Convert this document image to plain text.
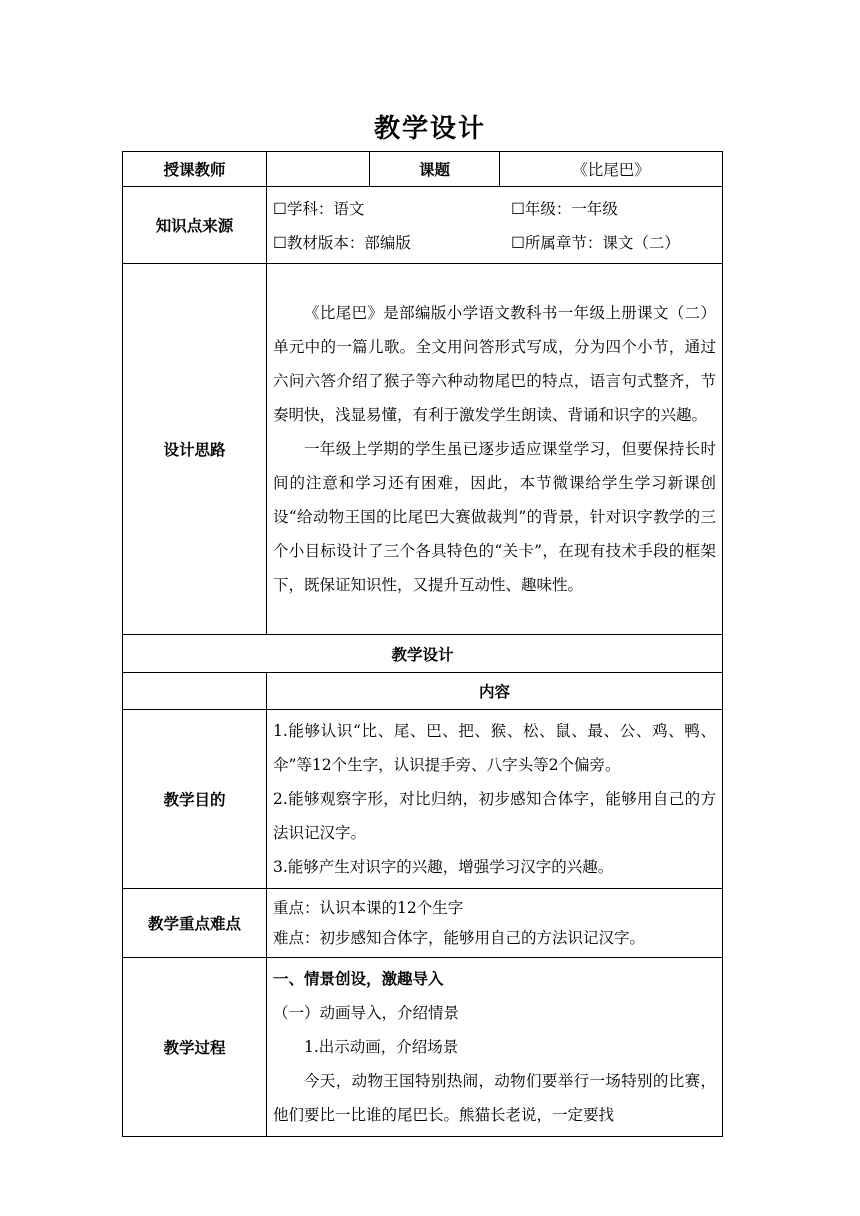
教学设计
授课教师		课题	《比尾巴》
知识点来源	☐学科：语文 ☐年级：一年级
☐教材版本：部编版 ☐所属章节：课文（二）		

设计思路	《比尾巴》是部编版小学语文教科书一年级上册课文（二）单元中的一篇儿歌。全文用问答形式写成，分为四个小节，通过六问六答介绍了猴子等六种动物尾巴的特点，语言句式整齐，节奏明快，浅显易懂，有利于激发学生朗读、背诵和识字的兴趣。

一年级上学期的学生虽已逐步适应课堂学习，但要保持长时间的注意和学习还有困难，因此，本节微课给学生学习新课创设“给动物王国的比尾巴大赛做裁判”的背景，针对识字教学的三个小目标设计了三个各具特色的“关卡”，在现有技术手段的框架下，既保证知识性，又提升互动性、趣味性。		

教学设计			
	内容		
教学目的	1.能够认识“比、尾、巴、把、猴、松、鼠、最、公、鸡、鸭、伞”等12个生字，认识提手旁、八字头等2个偏旁。

2.能够观察字形，对比归纳，初步感知合体字，能够用自己的方法识记汉字。

3.能够产生对识字的兴趣，增强学习汉字的兴趣。		

教学重点难点	重点：认识本课的12个生字

难点：初步感知合体字，能够用自己的方法识记汉字。		

教学过程	一、情景创设，激趣导入

（一）动画导入，介绍情景

1.出示动画，介绍场景

今天，动物王国特别热闹，动物们要举行一场特别的比赛，他们要比一比谁的尾巴长。熊猫长老说，一定要找		
